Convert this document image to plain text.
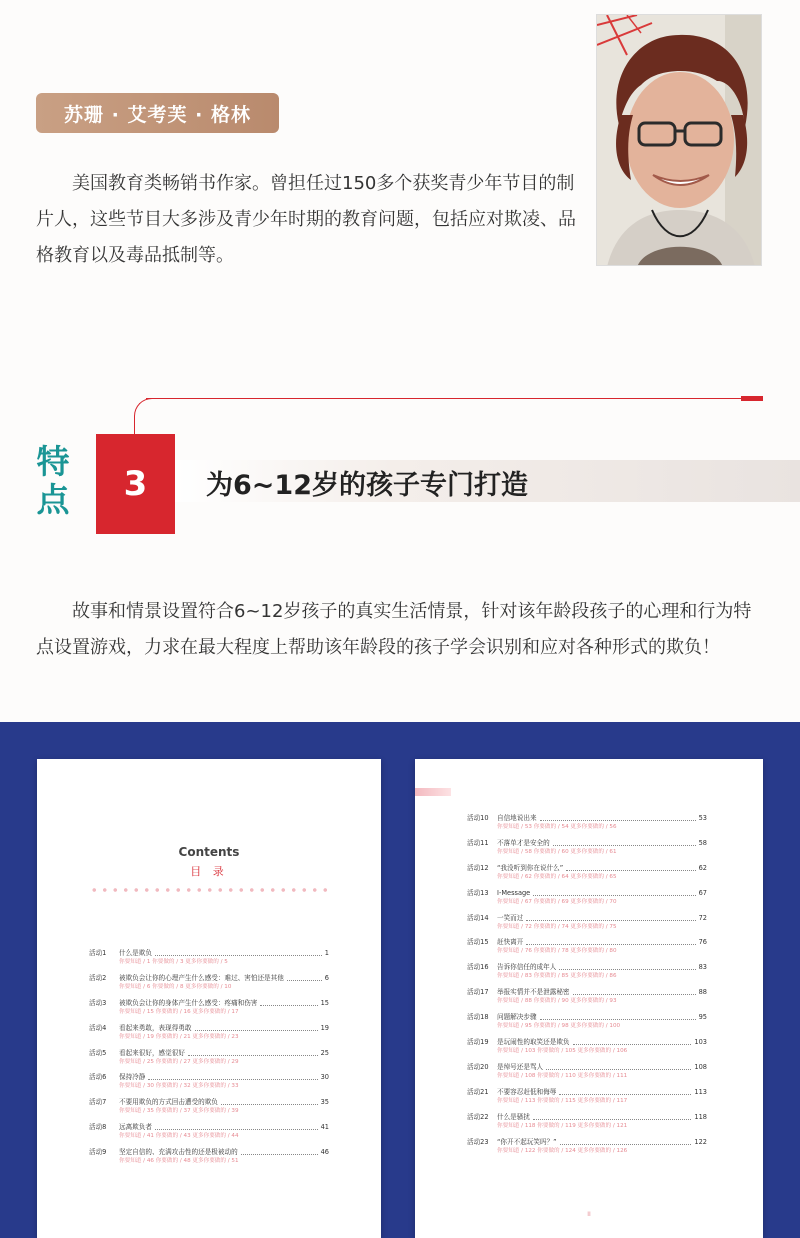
苏珊 · 艾考芙 · 格林

美国教育类畅销书作家。曾担任过150多个获奖青少年节目的制片人，这些节目大多涉及青少年时期的教育问题，包括应对欺凌、品格教育以及毒品抵制等。

特点	3	为6~12岁的孩子专门打造

故事和情景设置符合6~12岁孩子的真实生活情景，针对该年龄段孩子的心理和行为特点设置游戏，力求在最大程度上帮助该年龄段的孩子学会识别和应对各种形式的欺负！

Contents
目 录
活动1	什么是欺负	1
你要知道 / 1 你要做的 / 3 更多你要做的 / 5
活动2	被欺负会让你的心理产生什么感受：难过、害怕还是其他	6
你要知道 / 6 你要做的 / 8 更多你要做的 / 10
活动3	被欺负会让你的身体产生什么感受：疼痛和伤害	15
你要知道 / 15 你要做的 / 16 更多你要做的 / 17
活动4	看起来勇敢，表现得勇敢	19
你要知道 / 19 你要做的 / 21 更多你要做的 / 23
活动5	看起来很好，感觉很好	25
你要知道 / 25 你要做的 / 27 更多你要做的 / 29
活动6	保持冷静	30
你要知道 / 30 你要做的 / 32 更多你要做的 / 33
活动7	不要用欺负的方式回击遭受的欺负	35
你要知道 / 35 你要做的 / 37 更多你要做的 / 39
活动8	远离欺负者	41
你要知道 / 41 你要做的 / 43 更多你要做的 / 44
活动9	坚定自信的、充满攻击性的还是极被动的	46
你要知道 / 46 你要做的 / 48 更多你要做的 / 51
活动10	自信地说出来	53
你要知道 / 53 你要做的 / 54 更多你要做的 / 56
活动11	不落单才是安全的	58
你要知道 / 58 你要做的 / 60 更多你要做的 / 61
活动12	“我没听到你在说什么”	62
你要知道 / 62 你要做的 / 64 更多你要做的 / 65
活动13	I-Message	67
你要知道 / 67 你要做的 / 69 更多你要做的 / 70
活动14	一笑而过	72
你要知道 / 72 你要做的 / 74 更多你要做的 / 75
活动15	赶快离开	76
你要知道 / 76 你要做的 / 78 更多你要做的 / 80
活动16	告诉你信任的成年人	83
你要知道 / 83 你要做的 / 85 更多你要做的 / 86
活动17	举报实情并不是泄露秘密	88
你要知道 / 88 你要做的 / 90 更多你要做的 / 93
活动18	问题解决步骤	95
你要知道 / 95 你要做的 / 98 更多你要做的 / 100
活动19	是玩闹性的取笑还是欺负	103
你要知道 / 103 你要做的 / 105 更多你要做的 / 106
活动20	是绰号还是骂人	108
你要知道 / 108 你要做的 / 110 更多你要做的 / 111
活动21	不要容忍赶低和侮辱	113
你要知道 / 113 你要做的 / 115 更多你要做的 / 117
活动22	什么是骚扰	118
你要知道 / 118 你要做的 / 119 更多你要做的 / 121
活动23	“你开不起玩笑吗？”	122
你要知道 / 122 你要做的 / 124 更多你要做的 / 126
II
